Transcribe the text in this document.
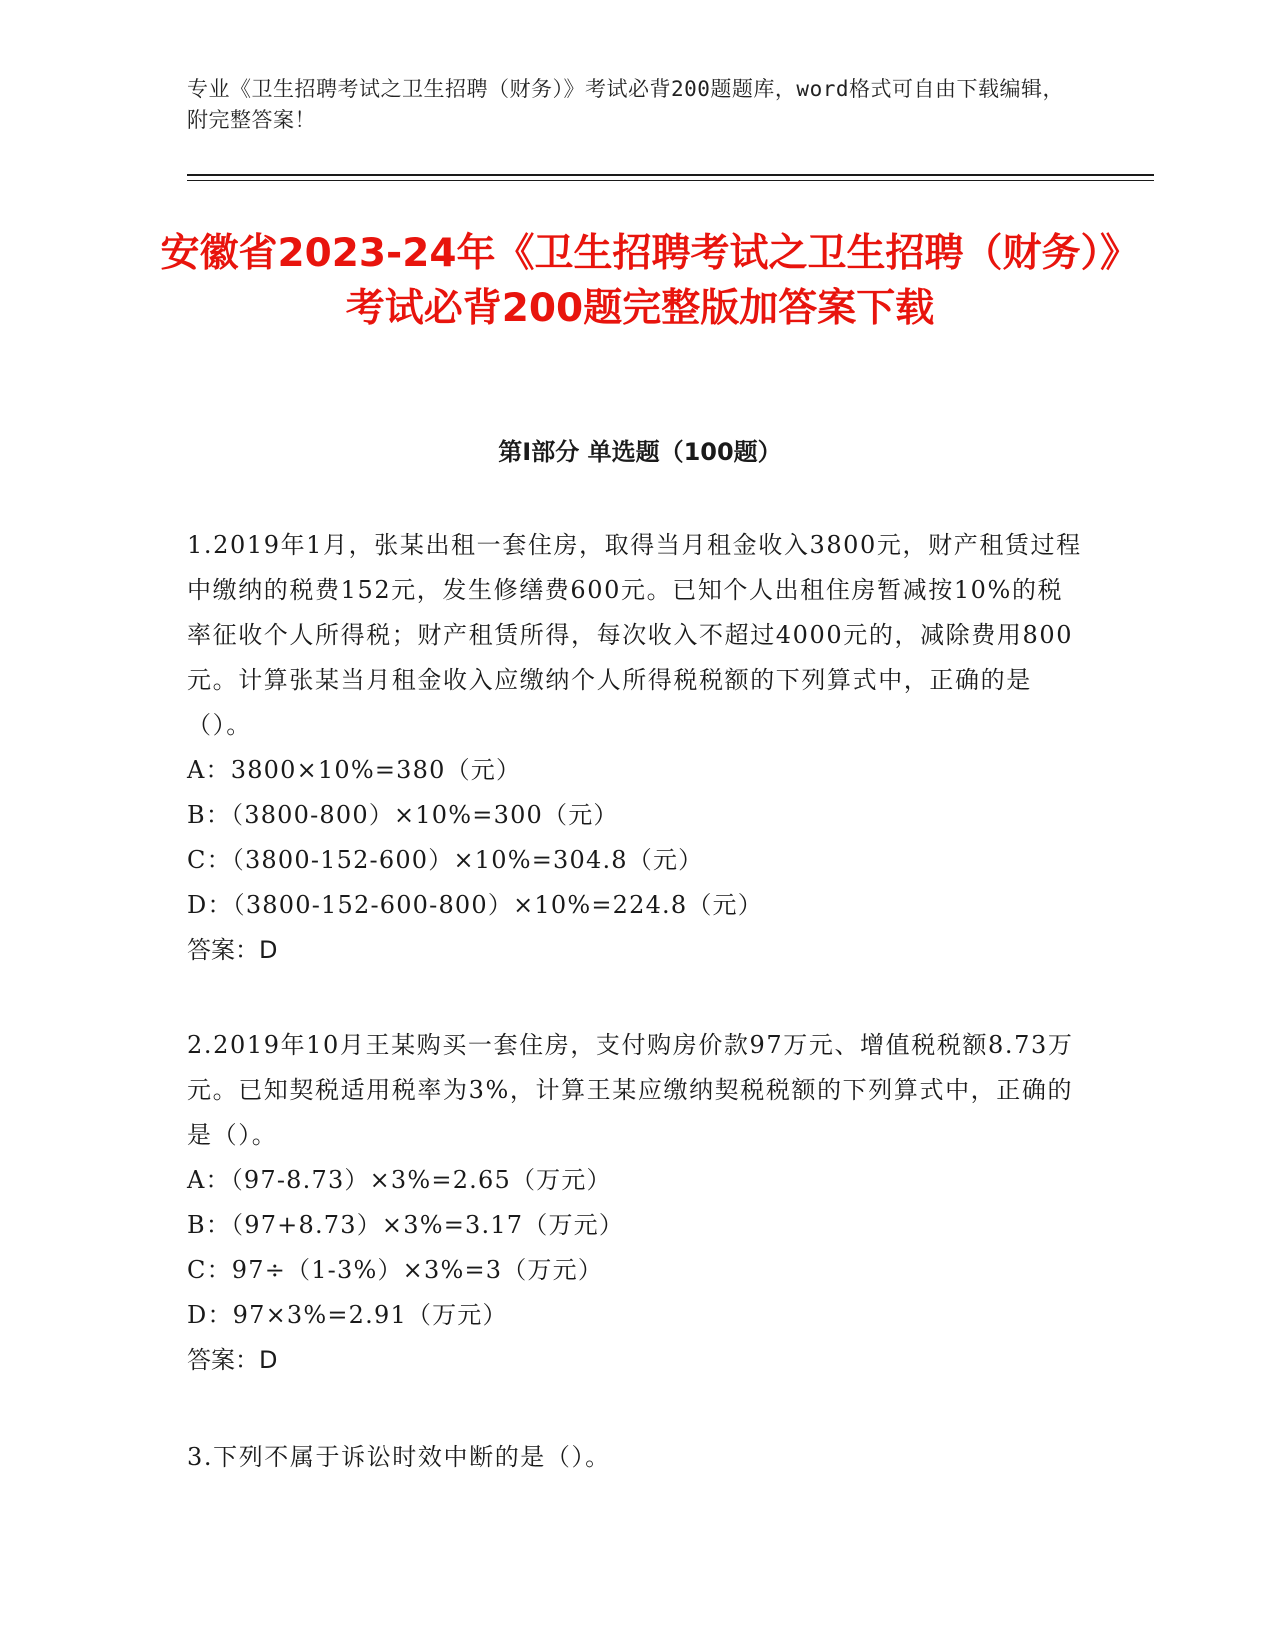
专业《卫生招聘考试之卫生招聘（财务）》考试必背200题题库，word格式可自由下载编辑，附完整答案！
安徽省2023-24年《卫生招聘考试之卫生招聘（财务）》考试必背200题完整版加答案下载
第Ⅰ部分 单选题（100题）

1.2019年1月，张某出租一套住房，取得当月租金收入3800元，财产租赁过程中缴纳的税费152元，发生修缮费600元。已知个人出租住房暂减按10%的税率征收个人所得税；财产租赁所得，每次收入不超过4000元的，减除费用800元。计算张某当月租金收入应缴纳个人所得税税额的下列算式中，正确的是（）。

A：3800×10%=380（元）

B：（3800-800）×10%=300（元）

C：（3800-152-600）×10%=304.8（元）

D：（3800-152-600-800）×10%=224.8（元）

答案：D

2.2019年10月王某购买一套住房，支付购房价款97万元、增值税税额8.73万元。已知契税适用税率为3%，计算王某应缴纳契税税额的下列算式中，正确的是（）。

A：（97-8.73）×3%=2.65（万元）

B：（97+8.73）×3%=3.17（万元）

C：97÷（1-3%）×3%=3（万元）

D：97×3%=2.91（万元）

答案：D

3.下列不属于诉讼时效中断的是（）。
